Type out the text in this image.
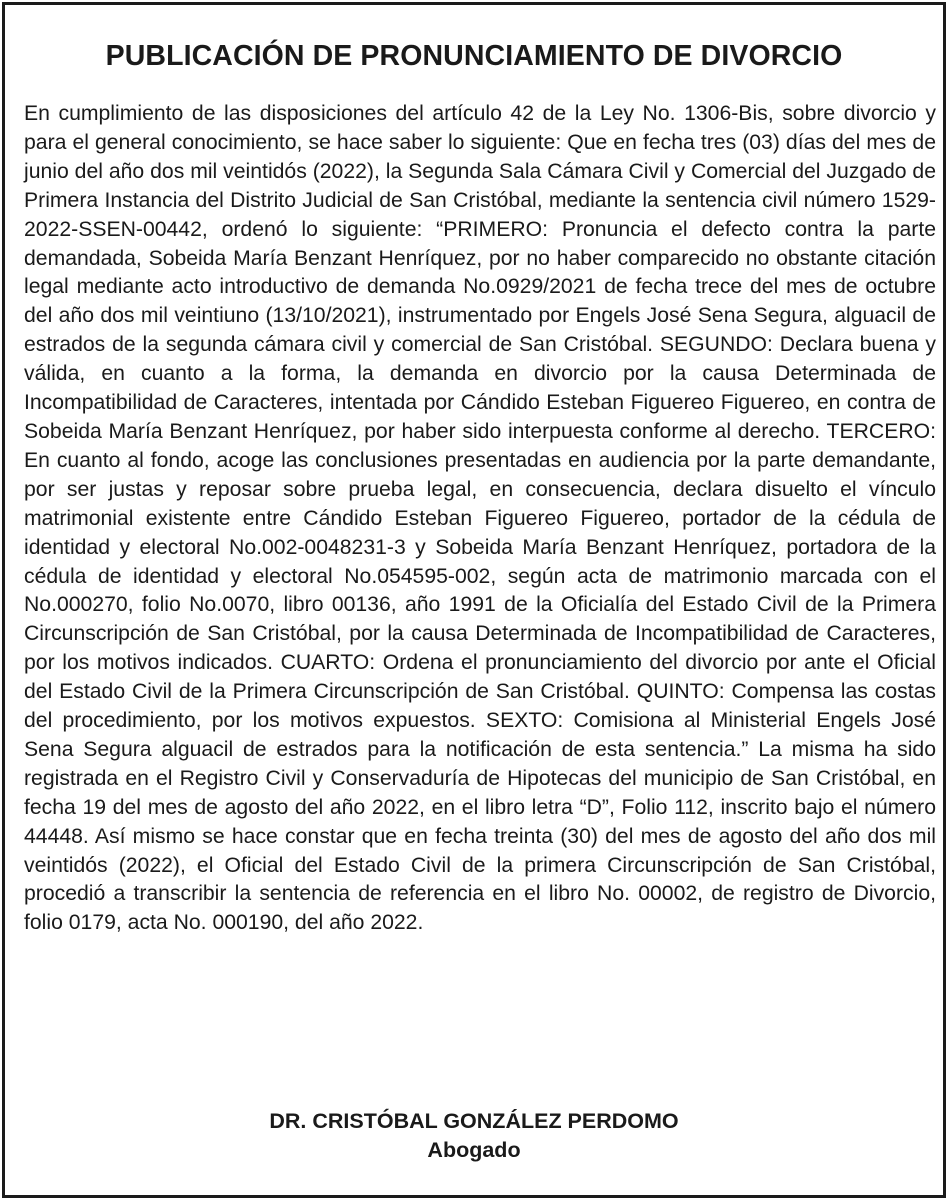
PUBLICACIÓN DE PRONUNCIAMIENTO DE DIVORCIO

En cumplimiento de las disposiciones del artículo 42 de la Ley No. 1306-Bis, sobre divorcio y para el general conocimiento, se hace saber lo siguiente: Que en fecha tres (03) días del mes de junio del año dos mil veintidós (2022), la Segunda Sala Cámara Civil y Comercial del Juzgado de Primera Instancia del Distrito Judicial de San Cristóbal, mediante la sentencia civil número 1529-2022-SSEN-00442, ordenó lo siguiente: “PRIMERO: Pronuncia el defecto contra la parte demandada, Sobeida María Benzant Henríquez, por no haber comparecido no obstante citación legal mediante acto introductivo de demanda No.0929/2021 de fecha trece del mes de octubre del año dos mil veintiuno (13/10/2021), instrumentado por Engels José Sena Segura, alguacil de estrados de la segunda cámara civil y comercial de San Cristóbal. SEGUNDO: Declara buena y válida, en cuanto a la forma, la demanda en divorcio por la causa Determinada de Incompatibilidad de Caracteres, intentada por Cándido Esteban Figuereo Figuereo, en contra de Sobeida María Benzant Henríquez, por haber sido interpuesta conforme al derecho. TERCERO: En cuanto al fondo, acoge las conclusiones presentadas en audiencia por la parte demandante, por ser justas y reposar sobre prueba legal, en consecuencia, declara disuelto el vínculo matrimonial existente entre Cándido Esteban Figuereo Figuereo, portador de la cédula de identidad y electoral No.002-0048231-3 y Sobeida María Benzant Henríquez, portadora de la cédula de identidad y electoral No.054595-002, según acta de matrimonio marcada con el No.000270, folio No.0070, libro 00136, año 1991 de la Oficialía del Estado Civil de la Primera Circunscripción de San Cristóbal, por la causa Determinada de Incompatibilidad de Caracteres, por los motivos indicados. CUARTO: Ordena el pronunciamiento del divorcio por ante el Oficial del Estado Civil de la Primera Circunscripción de San Cristóbal. QUINTO: Compensa las costas del procedimiento, por los motivos expuestos. SEXTO: Comisiona al Ministerial Engels José Sena Segura alguacil de estrados para la notificación de esta sentencia.” La misma ha sido registrada en el Registro Civil y Conservaduría de Hipotecas del municipio de San Cristóbal, en fecha 19 del mes de agosto del año 2022, en el libro letra “D”, Folio 112, inscrito bajo el número 44448. Así mismo se hace constar que en fecha treinta (30) del mes de agosto del año dos mil veintidós (2022), el Oficial del Estado Civil de la primera Circunscripción de San Cristóbal, procedió a transcribir la sentencia de referencia en el libro No. 00002, de registro de Divorcio, folio 0179, acta No. 000190, del año 2022.

DR. CRISTÓBAL GONZÁLEZ PERDOMO
Abogado
